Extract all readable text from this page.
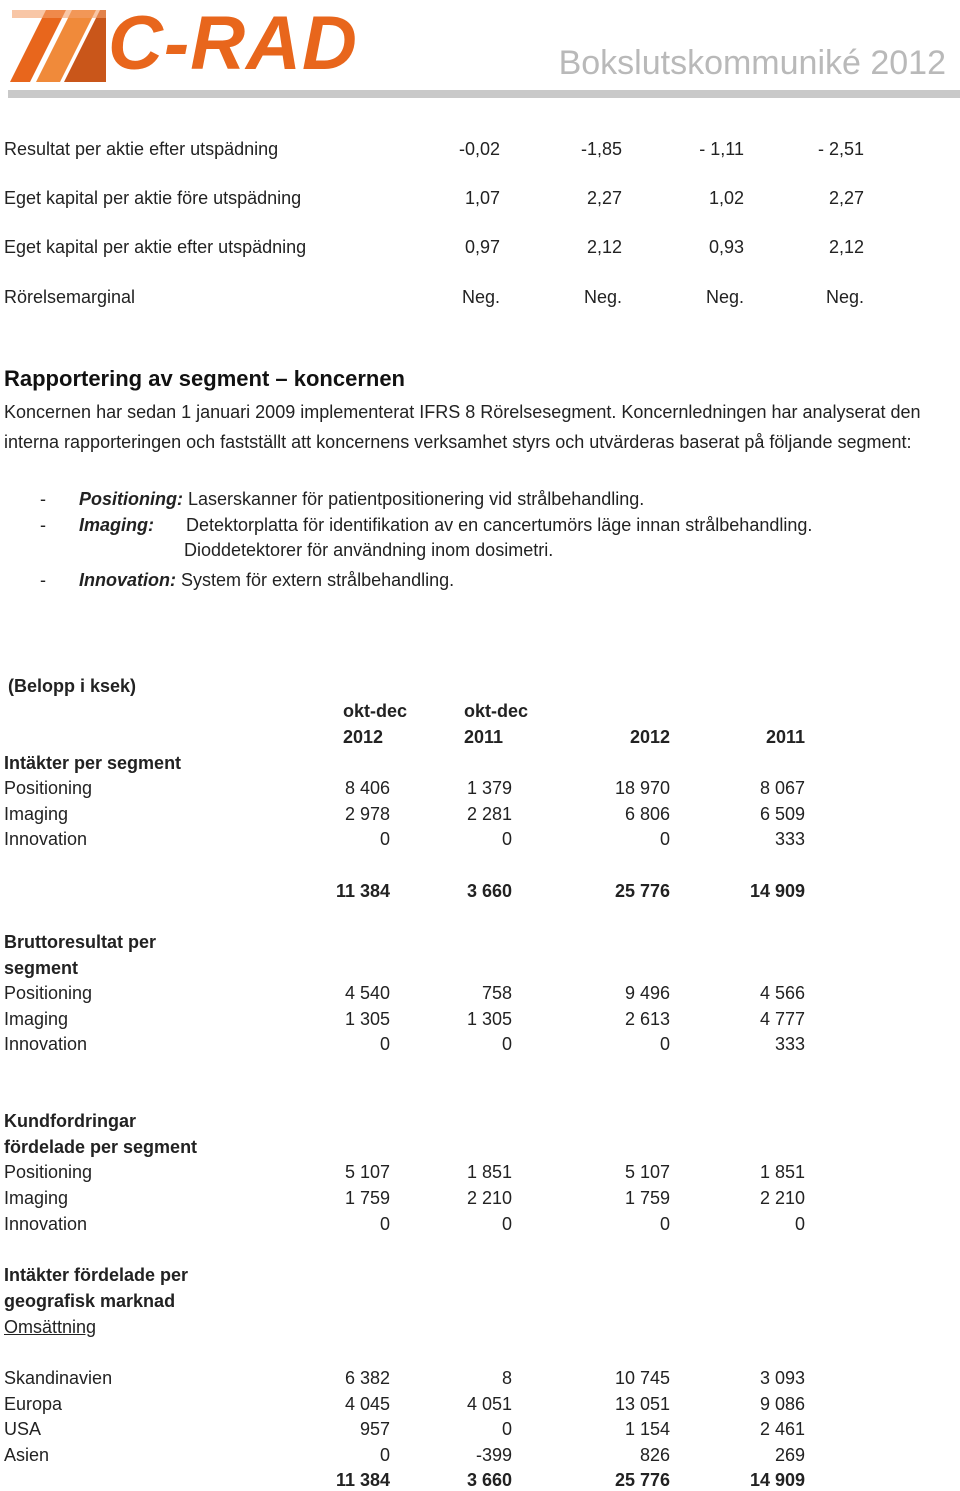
C-RAD	Bokslutskommuniké 2012
Resultat per aktie efter utspädning	-0,02	-1,85	- 1,11	- 2,51
Eget kapital per aktie före utspädning	1,07	2,27	1,02	2,27
Eget kapital per aktie efter utspädning	0,97	2,12	0,93	2,12
Rörelsemarginal	Neg.	Neg.	Neg.	Neg.
Rapportering av segment – koncernen
Koncernen har sedan 1 januari 2009 implementerat IFRS 8 Rörelsesegment. Koncernledningen har analyserat den interna rapporteringen och fastställt att koncernens verksamhet styrs och utvärderas baserat på följande segment:
- Positioning: Laserskanner för patientpositionering vid strålbehandling.
- Imaging: Detektorplatta för identifikation av en cancertumörs läge innan strålbehandling.
Dioddetektorer för användning inom dosimetri.
- Innovation: System för extern strålbehandling.
(Belopp i ksek)
okt-dec	okt-dec
2012	2011	2012	2011
Intäkter per segment
Positioning	8 406	1 379	18 970	8 067
Imaging	2 978	2 281	6 806	6 509
Innovation	0	0	0	333
11 384	3 660	25 776	14 909
Bruttoresultat per
segment
Positioning	4 540	758	9 496	4 566
Imaging	1 305	1 305	2 613	4 777
Innovation	0	0	0	333
Kundfordringar
fördelade per segment
Positioning	5 107	1 851	5 107	1 851
Imaging	1 759	2 210	1 759	2 210
Innovation	0	0	0	0
Intäkter fördelade per
geografisk marknad
Omsättning
Skandinavien	6 382	8	10 745	3 093
Europa	4 045	4 051	13 051	9 086
USA	957	0	1 154	2 461
Asien	0	-399	826	269
11 384	3 660	25 776	14 909
